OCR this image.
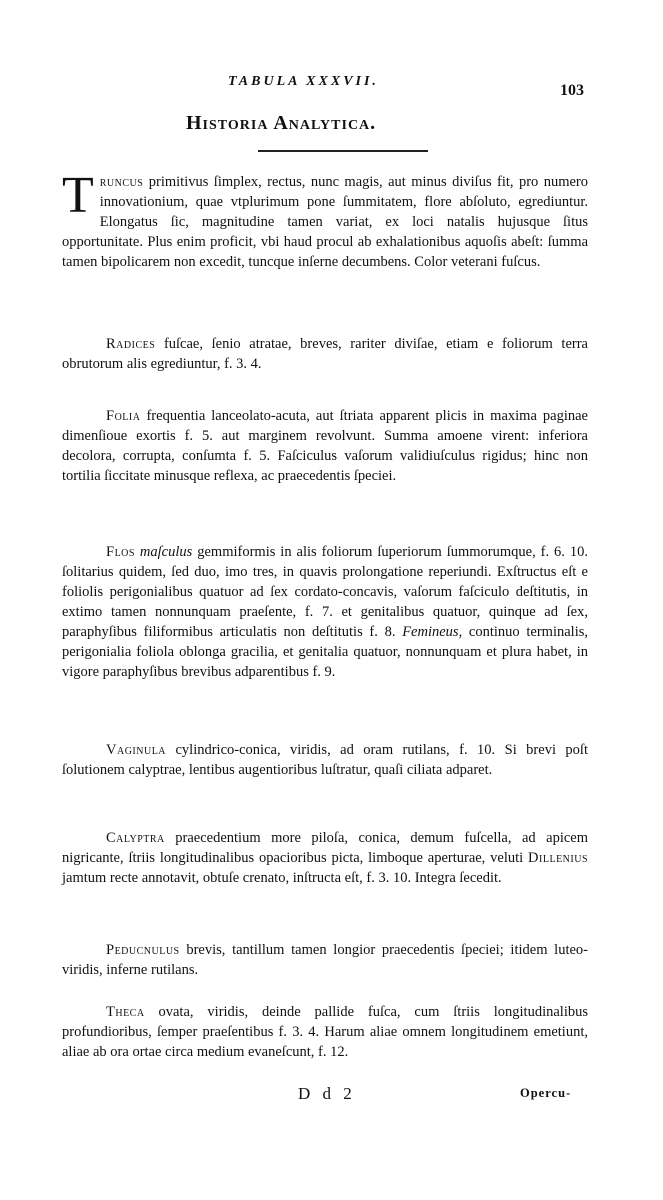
TABULA XXXVII.
103
Historia Analytica.
Truncus primitivus ſimplex, rectus, nunc magis, aut minus diviſus fit, pro numero innovationium, quae vtplurimum pone ſummitatem, flore abſoluto, egrediuntur. Elongatus ſic, magnitudine tamen variat, ex loci natalis hujusque ſitus opportunitate. Plus enim proficit, vbi haud procul ab exhalationibus aquoſis abeſt: ſumma tamen bipolicarem non excedit, tuncque inſerne decumbens. Color veterani fuſcus.
Radices fuſcae, ſenio atratae, breves, rariter diviſae, etiam e foliorum terra obrutorum alis egrediuntur, f. 3. 4.
Folia frequentia lanceolato-acuta, aut ſtriata apparent plicis in maxima paginae dimenſioue exortis f. 5. aut marginem revolvunt. Summa amoene virent: inferiora decolora, corrupta, conſumta f. 5. Faſciculus vaſorum validiuſculus rigidus; hinc non tortilia ſiccitate minusque reflexa, ac praecedentis ſpeciei.
Flos maſculus gemmiformis in alis foliorum ſuperiorum ſummorumque, f. 6. 10. ſolitarius quidem, ſed duo, imo tres, in quavis prolongatione reperiundi. Exſtructus eſt e foliolis perigonialibus quatuor ad ſex cordato-concavis, vaſorum faſciculo deſtitutis, in extimo tamen nonnunquam praeſente, f. 7. et genitalibus quatuor, quinque ad ſex, paraphyſibus filiformibus articulatis non deſtitutis f. 8. Femineus, continuo terminalis, perigonialia foliola oblonga gracilia, et genitalia quatuor, nonnunquam et plura habet, in vigore paraphyſibus brevibus adparentibus f. 9.
Vaginula cylindrico-conica, viridis, ad oram rutilans, f. 10. Si brevi poſt ſolutionem calyptrae, lentibus augentioribus luſtratur, quaſi ciliata adparet.
Calyptra praecedentium more piloſa, conica, demum fuſcella, ad apicem nigricante, ſtriis longitudinalibus opacioribus picta, limboque aperturae, veluti Dillenius jamtum recte annotavit, obtuſe crenato, inſtructa eſt, f. 3. 10. Integra ſecedit.
Peducnulus brevis, tantillum tamen longior praecedentis ſpeciei; itidem luteo-viridis, inferne rutilans.
Theca ovata, viridis, deinde pallide fuſca, cum ſtriis longitudinalibus profundioribus, ſemper praeſentibus f. 3. 4. Harum aliae omnem longitudinem emetiunt, aliae ab ora ortae circa medium evaneſcunt, f. 12.
D d 2	Opercu-
